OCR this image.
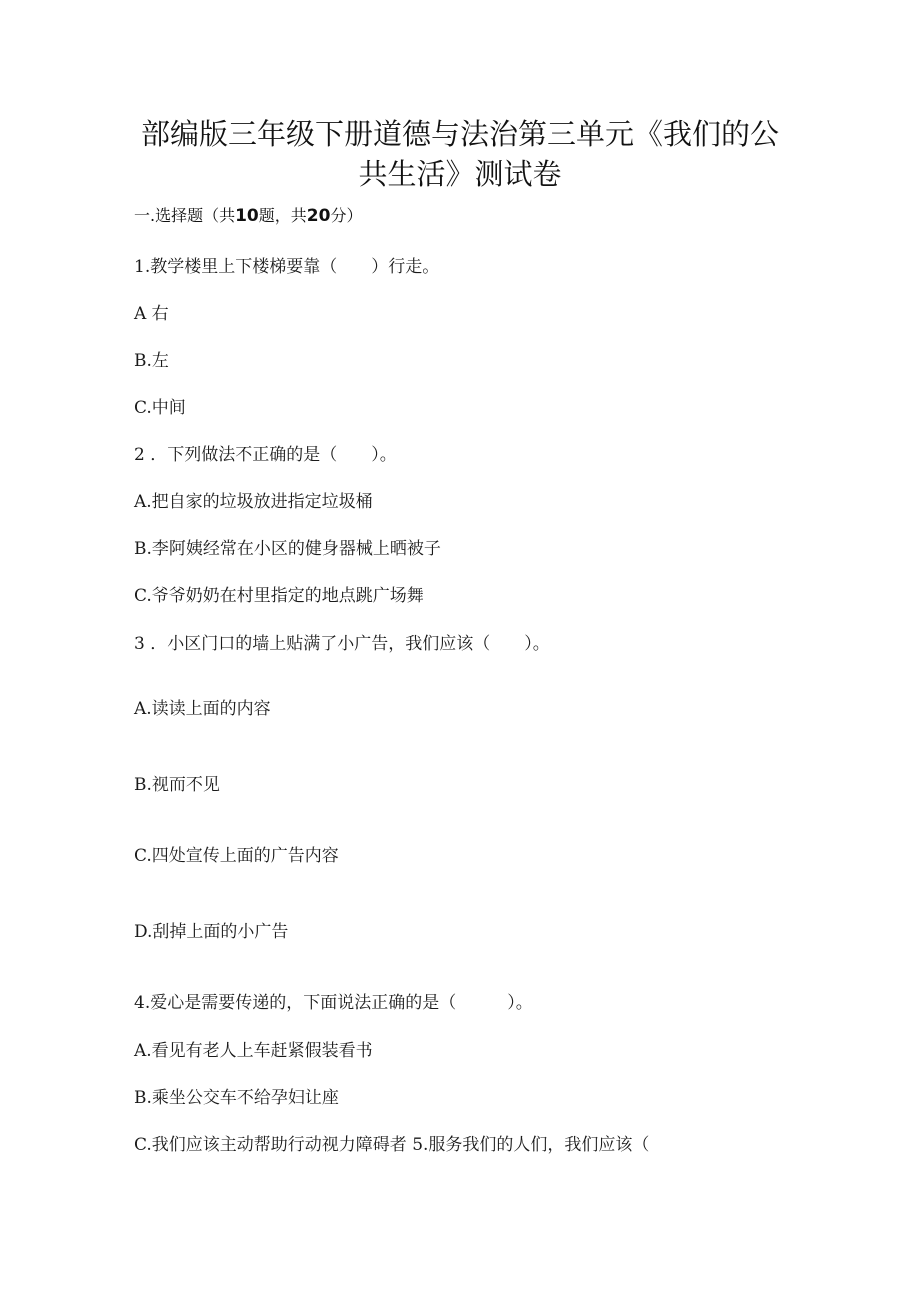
部编版三年级下册道德与法治第三单元《我们的公
共生活》测试卷
一.选择题（共10题，共20分）
1.教学楼里上下楼梯要靠（　　）行走。
A 右
B.左
C.中间
2 ．下列做法不正确的是（　　）。
A.把自家的垃圾放进指定垃圾桶
B.李阿姨经常在小区的健身器械上晒被子
C.爷爷奶奶在村里指定的地点跳广场舞
3 ．小区门口的墙上贴满了小广告，我们应该（　　）。
A.读读上面的内容
B.视而不见
C.四处宣传上面的广告内容
D.刮掉上面的小广告
4.爱心是需要传递的，下面说法正确的是（　　　）。
A.看见有老人上车赶紧假装看书
B.乘坐公交车不给孕妇让座
C.我们应该主动帮助行动视力障碍者 5.服务我们的人们，我们应该（
